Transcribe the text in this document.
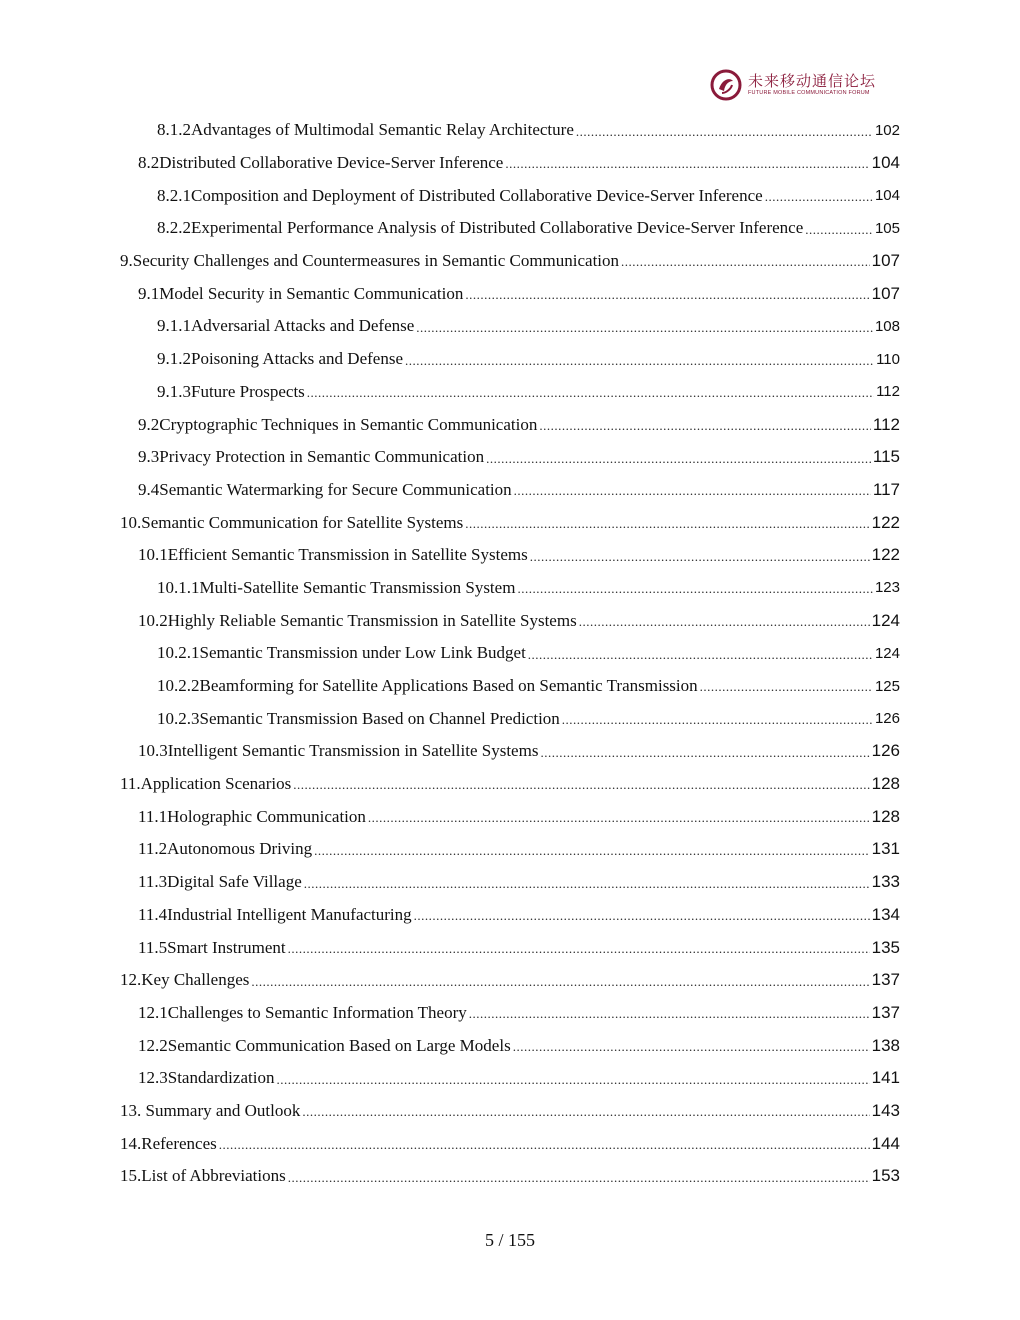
未来移动通信论坛
FUTURE MOBILE COMMUNICATION FORUM
8.1.2Advantages of Multimodal Semantic Relay Architecture .....	102
8.2Distributed Collaborative Device-Server Inference .....	104
8.2.1Composition and Deployment of Distributed Collaborative Device-Server Inference .....	104
8.2.2Experimental Performance Analysis of Distributed Collaborative Device-Server Inference .....	105
9.Security Challenges and Countermeasures in Semantic Communication .....	107
9.1Model Security in Semantic Communication .....	107
9.1.1Adversarial Attacks and Defense .....	108
9.1.2Poisoning Attacks and Defense .....	110
9.1.3Future Prospects .....	112
9.2Cryptographic Techniques in Semantic Communication .....	112
9.3Privacy Protection in Semantic Communication .....	115
9.4Semantic Watermarking for Secure Communication .....	117
10.Semantic Communication for Satellite Systems .....	122
10.1Efficient Semantic Transmission in Satellite Systems .....	122
10.1.1Multi-Satellite Semantic Transmission System .....	123
10.2Highly Reliable Semantic Transmission in Satellite Systems .....	124
10.2.1Semantic Transmission under Low Link Budget .....	124
10.2.2Beamforming for Satellite Applications Based on Semantic Transmission .....	125
10.2.3Semantic Transmission Based on Channel Prediction .....	126
10.3Intelligent Semantic Transmission in Satellite Systems .....	126
11.Application Scenarios .....	128
11.1Holographic Communication .....	128
11.2Autonomous Driving .....	131
11.3Digital Safe Village .....	133
11.4Industrial Intelligent Manufacturing .....	134
11.5Smart Instrument .....	135
12.Key Challenges .....	137
12.1Challenges to Semantic Information Theory .....	137
12.2Semantic Communication Based on Large Models .....	138
12.3Standardization .....	141
13. Summary and Outlook .....	143
14.References .....	144
15.List of Abbreviations .....	153
5 / 155
